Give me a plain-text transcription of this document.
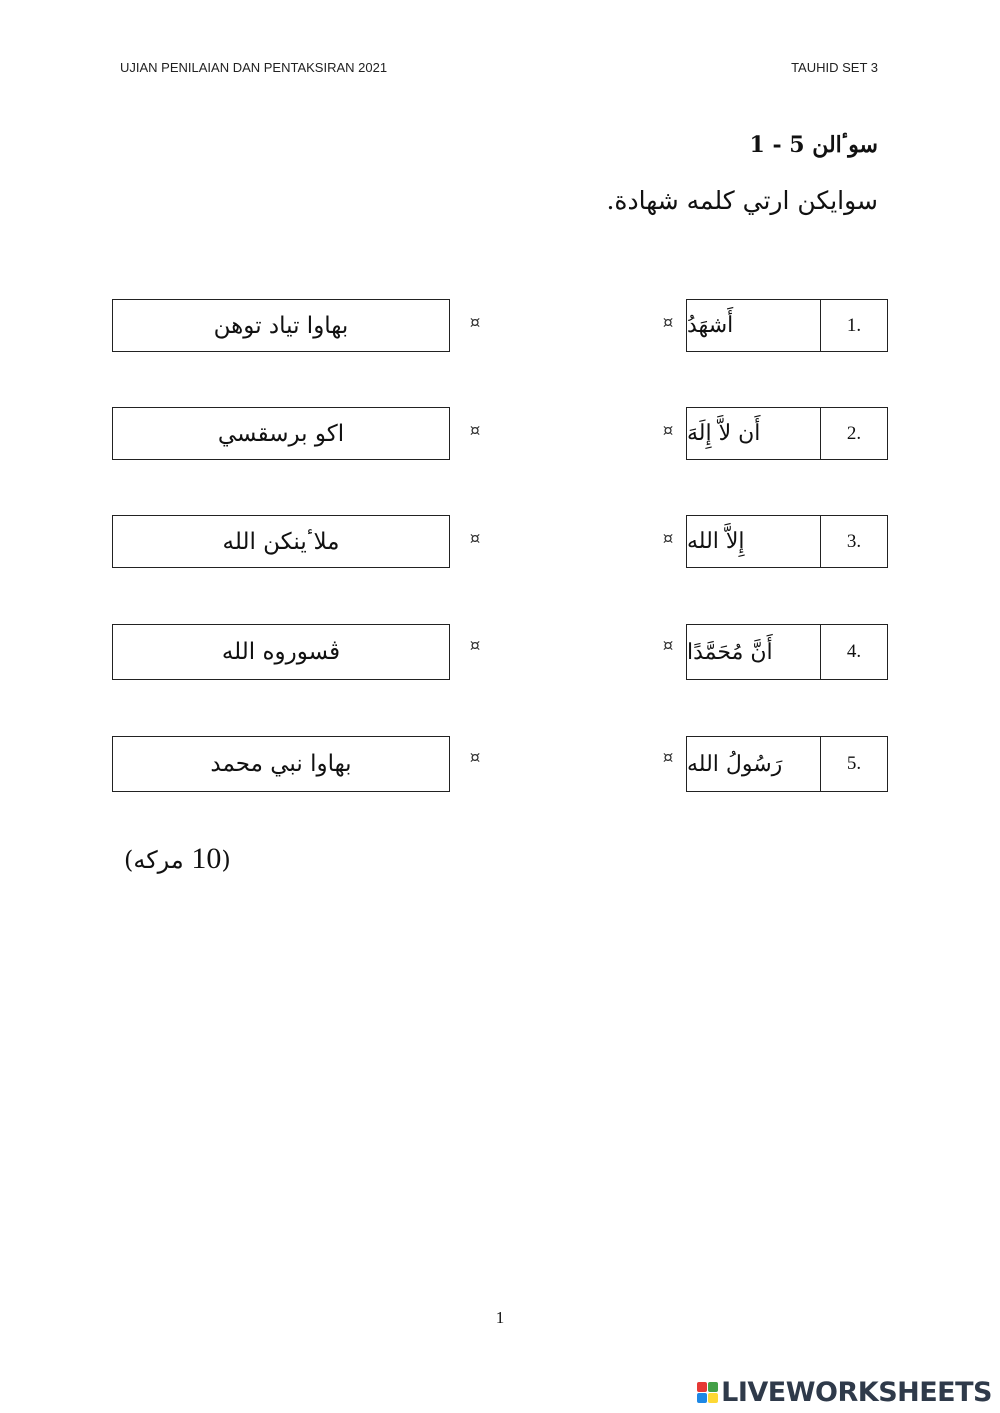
UJIAN PENILAIAN DAN PENTAKSIRAN 2021	TAUHID SET 3
سوٴالن 5 - 1
سوايكن ارتي كلمه شهادة.
بهاوا تياد توهن	¤	¤ أَشهَدُ	1.
اكو برسقسي	¤	¤ أَن لاَّ إِلَهَ	2.
ملاٴينكن الله	¤	¤ إِلاَّ الله	3.
ڤسوروه الله	¤	¤ أَنَّ مُحَمَّدًا	4.
بهاوا نبي محمد	¤	¤ رَسُولُ الله	5.
(10 مركه)
1
LIVEWORKSHEETS
